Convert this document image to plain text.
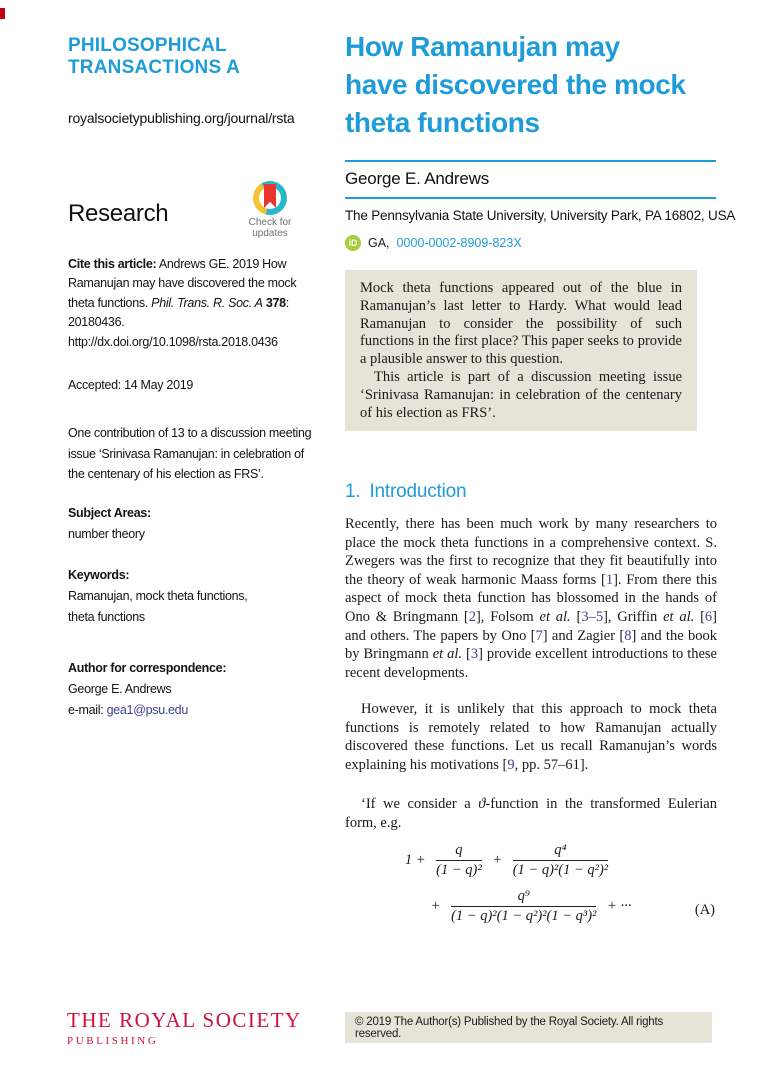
PHILOSOPHICAL
TRANSACTIONS A
royalsocietypublishing.org/journal/rsta
Research	Check for updates

Cite this article: Andrews GE. 2019 How Ramanujan may have discovered the mock theta functions. Phil. Trans. R. Soc. A 378: 20180436.
http://dx.doi.org/10.1098/rsta.2018.0436

Accepted: 14 May 2019
One contribution of 13 to a discussion meeting issue ‘Srinivasa Ramanujan: in celebration of the centenary of his election as FRS’.
Subject Areas:
number theory
Keywords:
Ramanujan, mock theta functions,
theta functions
Author for correspondence:
George E. Andrews
e-mail: gea1@psu.edu
THE ROYAL SOCIETY
PUBLISHING
How Ramanujan may
have discovered the mock
theta functions
George E. Andrews
The Pennsylvania State University, University Park, PA 16802, USA
iD GA, 0000-0002-8909-823X

Mock theta functions appeared out of the blue in Ramanujan’s last letter to Hardy. What would lead Ramanujan to consider the possibility of such functions in the first place? This paper seeks to provide a plausible answer to this question.

This article is part of a discussion meeting issue ‘Srinivasa Ramanujan: in celebration of the centenary of his election as FRS’.

1. Introduction

Recently, there has been much work by many researchers to place the mock theta functions in a comprehensive context. S. Zwegers was the first to recognize that they fit beautifully into the theory of weak harmonic Maass forms [1]. From there this aspect of mock theta function has blossomed in the hands of Ono & Bringmann [2], Folsom et al. [3–5], Griffin et al. [6] and others. The papers by Ono [7] and Zagier [8] and the book by Bringmann et al. [3] provide excellent introductions to these recent developments.

However, it is unlikely that this approach to mock theta functions is remotely related to how Ramanujan actually discovered these functions. Let us recall Ramanujan’s words explaining his motivations [9, pp. 57–61].

‘If we consider a ϑ-function in the transformed Eulerian form, e.g.

$1 + \frac{q}{\text{(1 − q)²}} + \frac{\text{q⁴}}{\text{(1 − q)²(1 − q²)²}}$
+ $\frac{\text{q⁹}}{\text{(1 − q)²(1 − q²)²(1 − q³)²}}$ + ···	(A)
© 2019 The Author(s) Published by the Royal Society. All rights reserved.
